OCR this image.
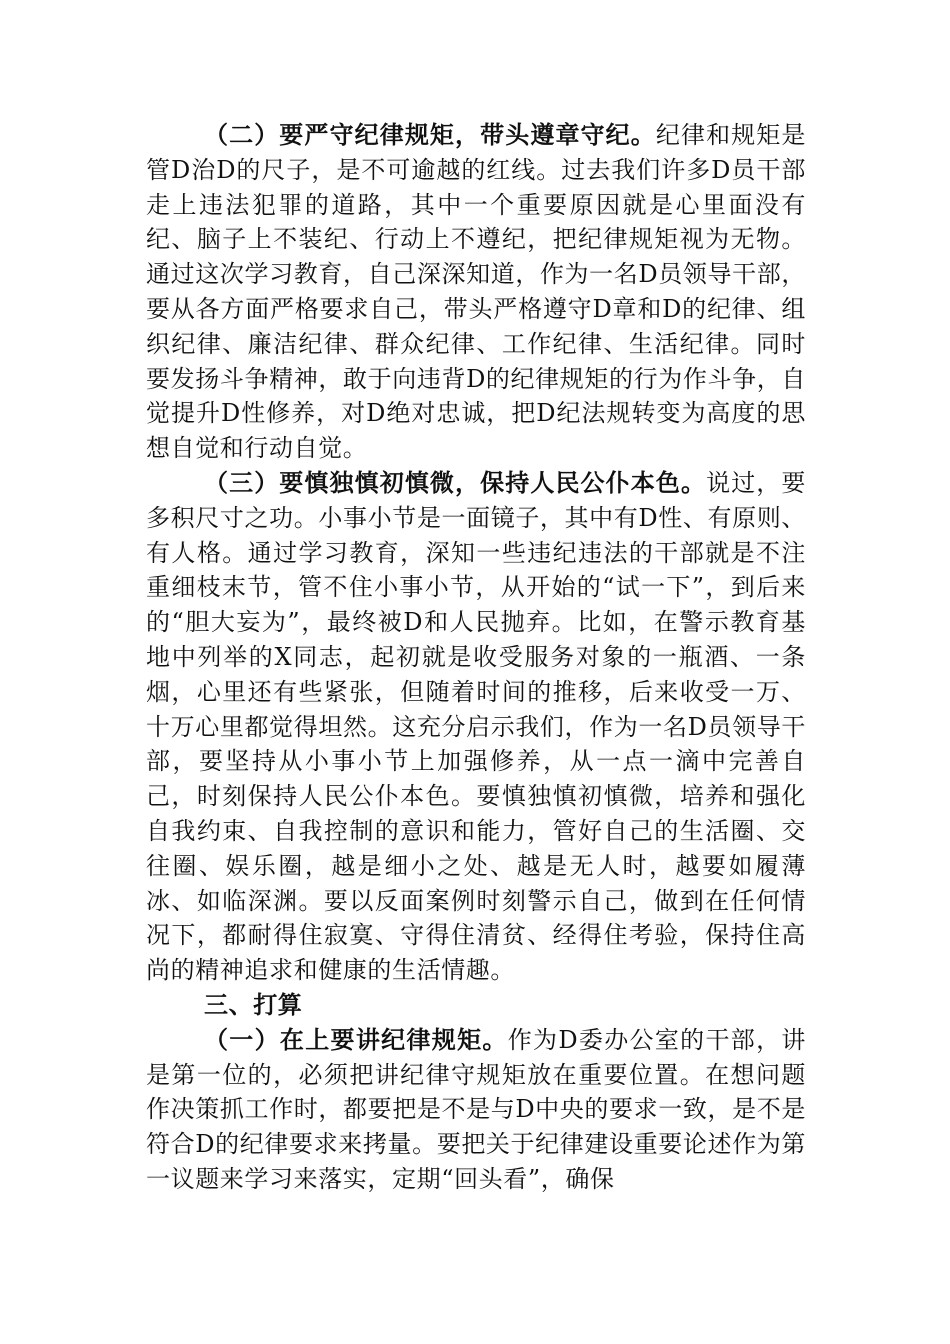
（二）要严守纪律规矩，带头遵章守纪。纪律和规矩是管D治D的尺子，是不可逾越的红线。过去我们许多D员干部走上违法犯罪的道路，其中一个重要原因就是心里面没有纪、脑子上不装纪、行动上不遵纪，把纪律规矩视为无物。通过这次学习教育，自己深深知道，作为一名D员领导干部，要从各方面严格要求自己，带头严格遵守D章和D的纪律、组织纪律、廉洁纪律、群众纪律、工作纪律、生活纪律。同时要发扬斗争精神，敢于向违背D的纪律规矩的行为作斗争，自觉提升D性修养，对D绝对忠诚，把D纪法规转变为高度的思想自觉和行动自觉。

（三）要慎独慎初慎微，保持人民公仆本色。说过，要多积尺寸之功。小事小节是一面镜子，其中有D性、有原则、有人格。通过学习教育，深知一些违纪违法的干部就是不注重细枝末节，管不住小事小节，从开始的“试一下”，到后来的“胆大妄为”，最终被D和人民抛弃。比如，在警示教育基地中列举的X同志，起初就是收受服务对象的一瓶酒、一条烟，心里还有些紧张，但随着时间的推移，后来收受一万、十万心里都觉得坦然。这充分启示我们，作为一名D员领导干部，要坚持从小事小节上加强修养，从一点一滴中完善自己，时刻保持人民公仆本色。要慎独慎初慎微，培养和强化自我约束、自我控制的意识和能力，管好自己的生活圈、交往圈、娱乐圈，越是细小之处、越是无人时，越要如履薄冰、如临深渊。要以反面案例时刻警示自己，做到在任何情况下，都耐得住寂寞、守得住清贫、经得住考验，保持住高尚的精神追求和健康的生活情趣。

三、打算

（一）在上要讲纪律规矩。作为D委办公室的干部，讲是第一位的，必须把讲纪律守规矩放在重要位置。在想问题作决策抓工作时，都要把是不是与D中央的要求一致，是不是符合D的纪律要求来拷量。要把关于纪律建设重要论述作为第一议题来学习来落实，定期“回头看”，确保
